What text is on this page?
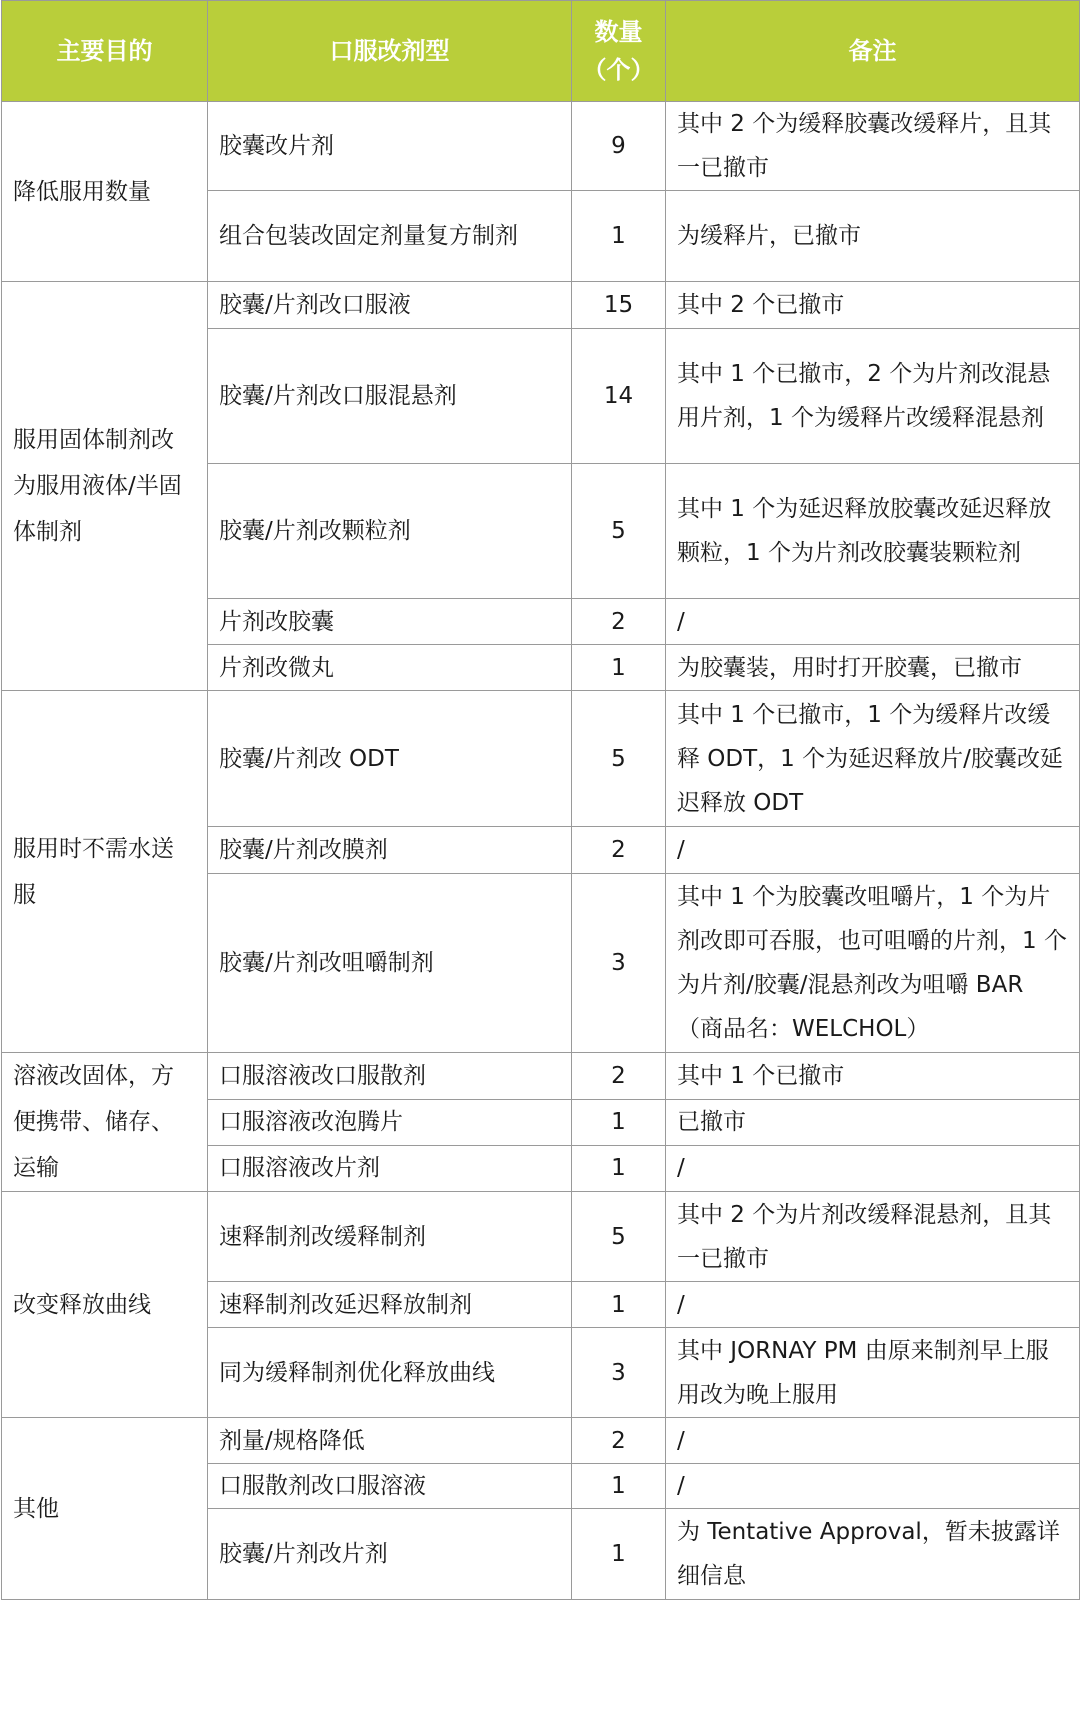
主要目的	口服改剂型	数量（个）	备注
降低服用数量	胶囊改片剂	9	其中 2 个为缓释胶囊改缓释片，且其一已撤市
	组合包装改固定剂量复方制剂	1	为缓释片，已撤市
服用固体制剂改为服用液体/半固体制剂	胶囊/片剂改口服液	15	其中 2 个已撤市
	胶囊/片剂改口服混悬剂	14	其中 1 个已撤市，2 个为片剂改混悬用片剂，1 个为缓释片改缓释混悬剂
	胶囊/片剂改颗粒剂	5	其中 1 个为延迟释放胶囊改延迟释放颗粒，1 个为片剂改胶囊装颗粒剂
	片剂改胶囊	2	/
	片剂改微丸	1	为胶囊装，用时打开胶囊，已撤市
服用时不需水送服	胶囊/片剂改 ODT	5	其中 1 个已撤市，1 个为缓释片改缓释 ODT，1 个为延迟释放片/胶囊改延迟释放 ODT
	胶囊/片剂改膜剂	2	/
	胶囊/片剂改咀嚼制剂	3	其中 1 个为胶囊改咀嚼片，1 个为片剂改即可吞服，也可咀嚼的片剂，1 个为片剂/胶囊/混悬剂改为咀嚼 BAR（商品名：WELCHOL）
溶液改固体，方便携带、储存、运输	口服溶液改口服散剂	2	其中 1 个已撤市
	口服溶液改泡腾片	1	已撤市
	口服溶液改片剂	1	/
改变释放曲线	速释制剂改缓释制剂	5	其中 2 个为片剂改缓释混悬剂，且其一已撤市
	速释制剂改延迟释放制剂	1	/
	同为缓释制剂优化释放曲线	3	其中 JORNAY PM 由原来制剂早上服用改为晚上服用
其他	剂量/规格降低	2	/
	口服散剂改口服溶液	1	/
	胶囊/片剂改片剂	1	为 Tentative Approval，暂未披露详细信息
